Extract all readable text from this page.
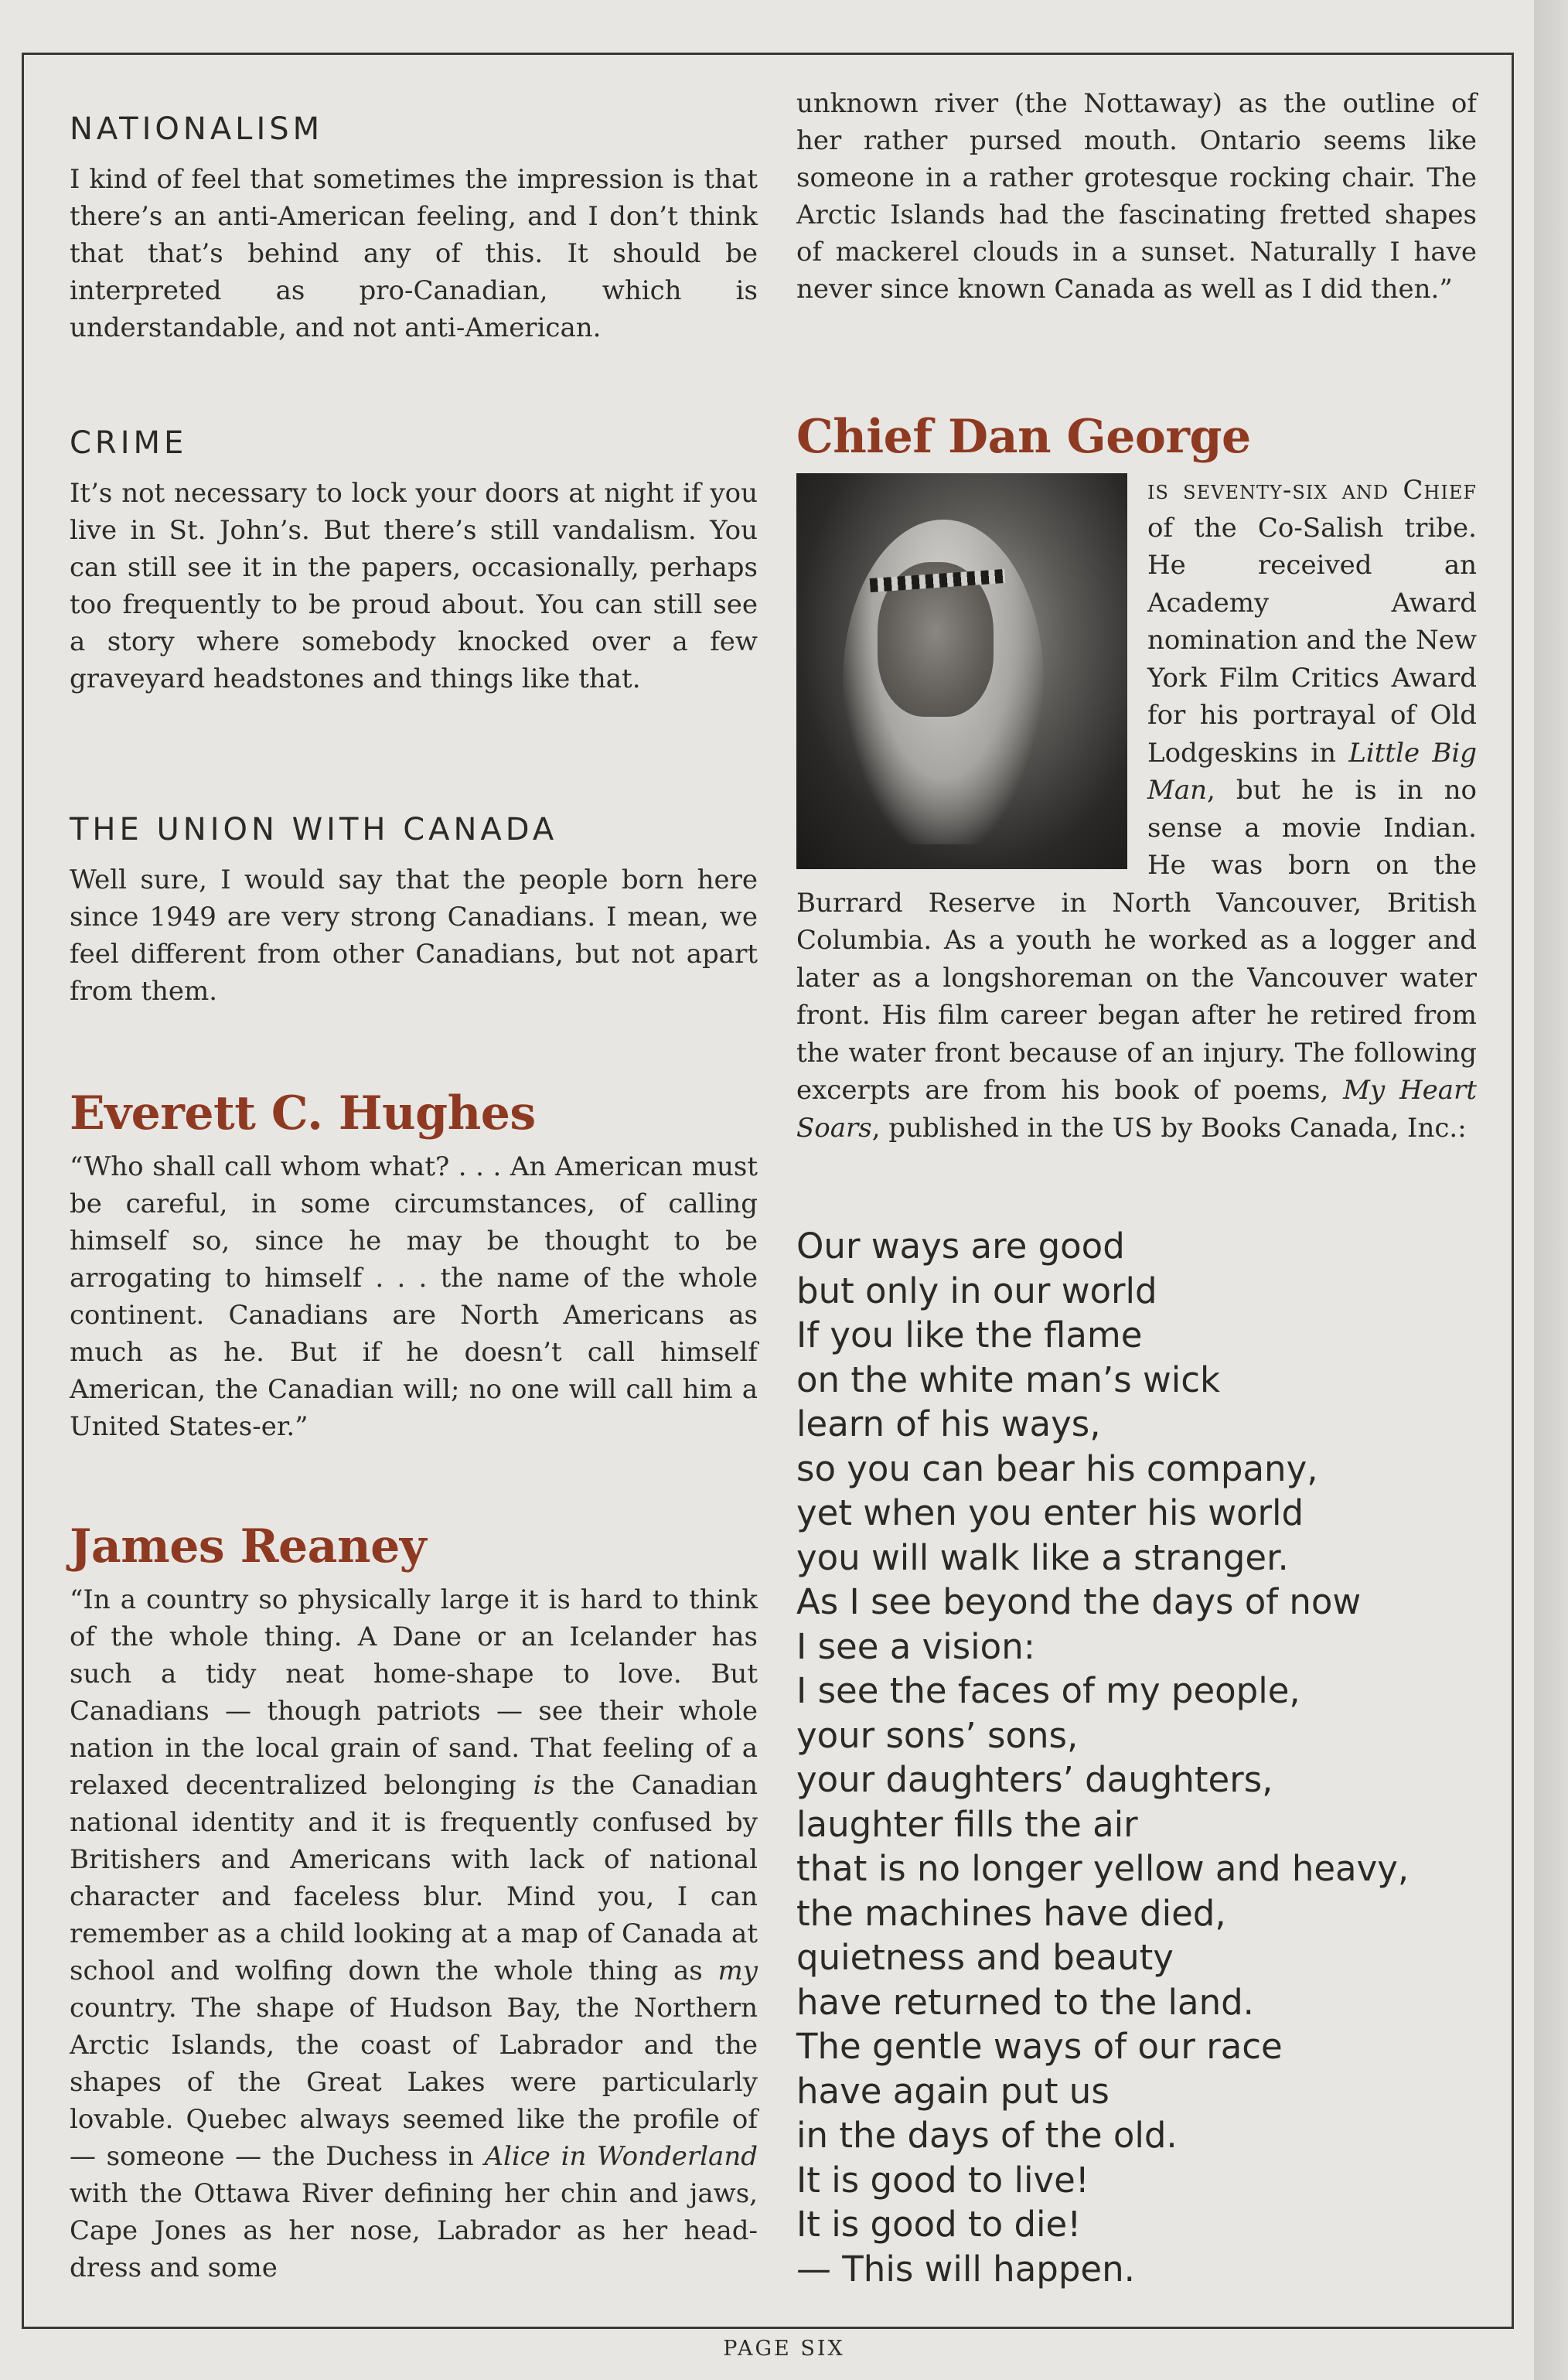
NATIONALISM

I kind of feel that sometimes the impression is that there’s an anti-American feeling, and I don’t think that that’s behind any of this. It should be interpreted as pro-Canadian, which is understandable, and not anti-American.

CRIME

It’s not necessary to lock your doors at night if you live in St. John’s. But there’s still vandalism. You can still see it in the papers, occasionally, perhaps too frequently to be proud about. You can still see a story where somebody knocked over a few graveyard headstones and things like that.

THE UNION WITH CANADA

Well sure, I would say that the people born here since 1949 are very strong Canadians. I mean, we feel different from other Canadians, but not apart from them.

Everett C. Hughes

“Who shall call whom what? . . . An American must be careful, in some circumstances, of calling himself so, since he may be thought to be arrogating to himself . . . the name of the whole continent. Canadians are North Americans as much as he. But if he doesn’t call himself American, the Canadian will; no one will call him a United States-er.”

James Reaney

“In a country so physically large it is hard to think of the whole thing. A Dane or an Icelander has such a tidy neat home-shape to love. But Canadians — though patriots — see their whole nation in the local grain of sand. That feeling of a relaxed decentralized belonging is the Canadian national identity and it is frequently confused by Britishers and Americans with lack of national character and faceless blur. Mind you, I can remember as a child looking at a map of Canada at school and wolfing down the whole thing as my country. The shape of Hudson Bay, the Northern Arctic Islands, the coast of Labrador and the shapes of the Great Lakes were particularly lovable. Quebec always seemed like the profile of — someone — the Duchess in Alice in Wonderland with the Ottawa River defining her chin and jaws, Cape Jones as her nose, Labrador as her head-dress and some

unknown river (the Nottaway) as the outline of her rather pursed mouth. Ontario seems like someone in a rather grotesque rocking chair. The Arctic Islands had the fascinating fretted shapes of mackerel clouds in a sunset. Naturally I have never since known Canada as well as I did then.”

Chief Dan George

is seventy-six and Chief of the Co-Salish tribe. He received an Academy Award nomination and the New York Film Critics Award for his portrayal of Old Lodgeskins in Little Big Man, but he is in no sense a movie Indian. He was born on the Burrard Reserve in North Vancouver, British Columbia. As a youth he worked as a logger and later as a longshoreman on the Vancouver water front. His film career began after he retired from the water front because of an injury. The following excerpts are from his book of poems, My Heart Soars, published in the US by Books Canada, Inc.:

Our ways are good
but only in our world
If you like the flame
on the white man’s wick
learn of his ways,
so you can bear his company,
yet when you enter his world
you will walk like a stranger.
As I see beyond the days of now
I see a vision:
I see the faces of my people,
your sons’ sons,
your daughters’ daughters,
laughter fills the air
that is no longer yellow and heavy,
the machines have died,
quietness and beauty
have returned to the land.
The gentle ways of our race
have again put us
in the days of the old.
It is good to live!
It is good to die!
— This will happen.
PAGE SIX
